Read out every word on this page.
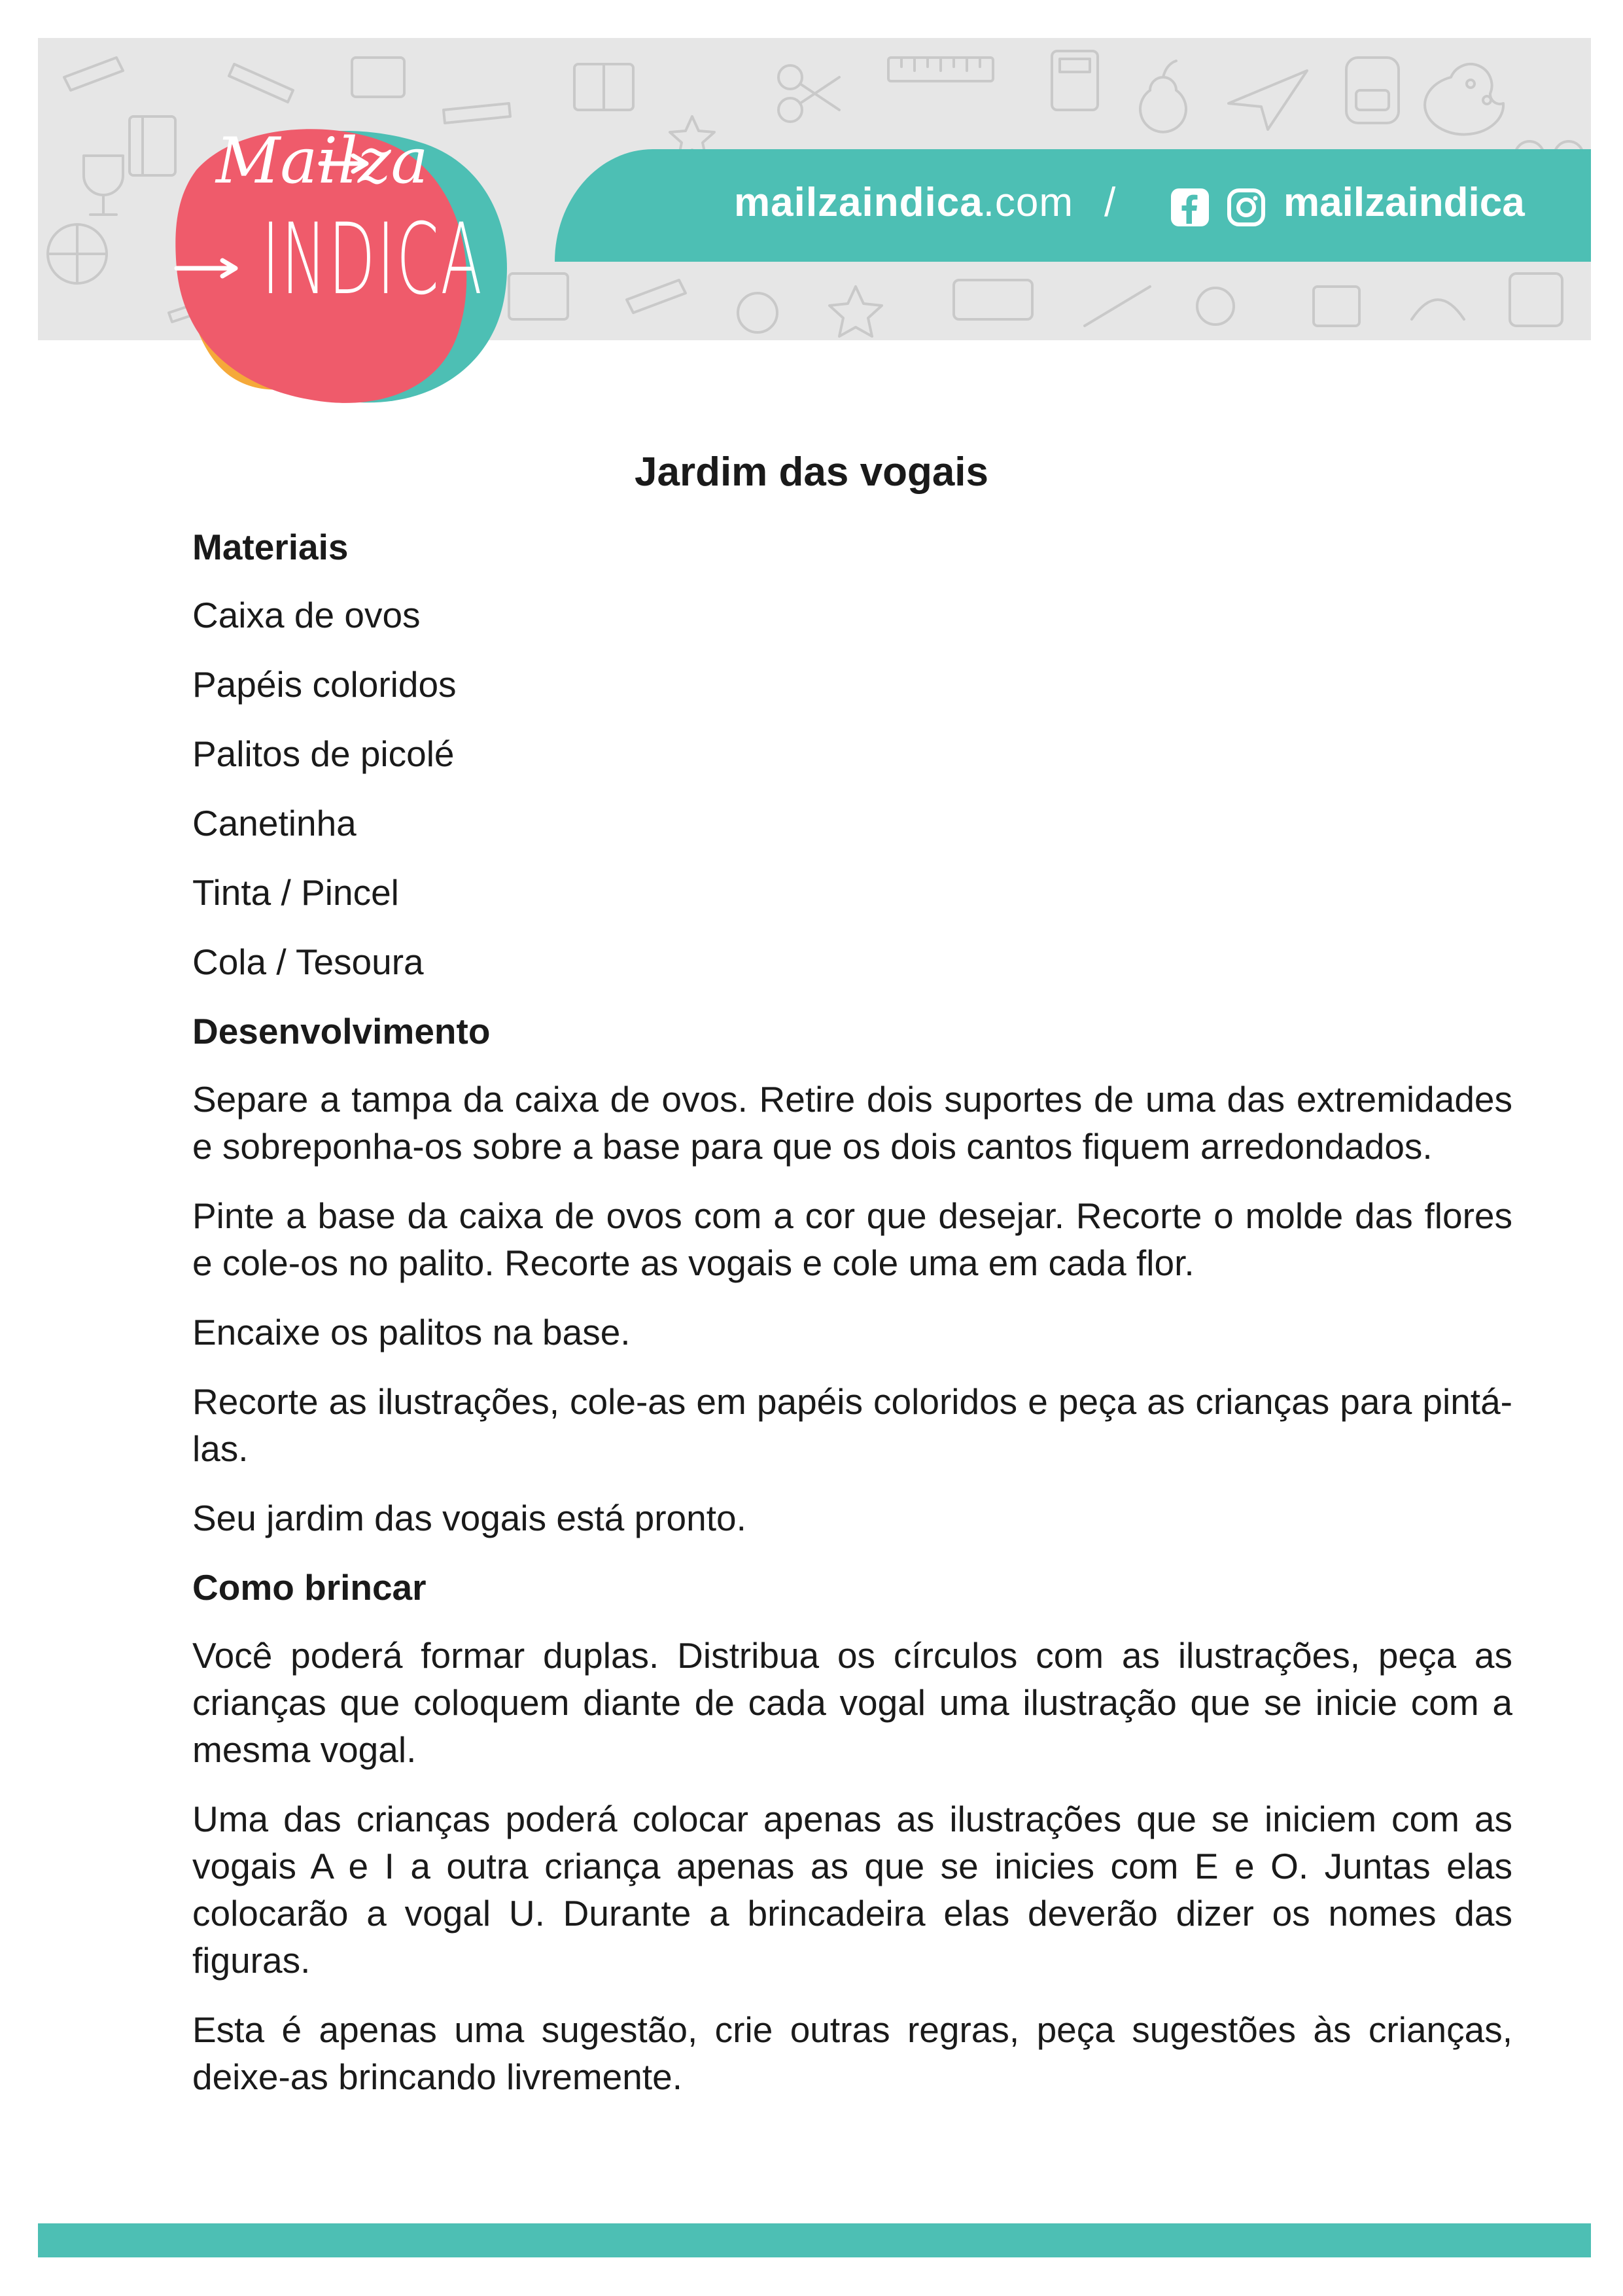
mailzaindica.com /	mailzaindica
Mailza
INDICA
Jardim das vogais
Materiais
Caixa de ovos
Papéis coloridos
Palitos de picolé
Canetinha
Tinta / Pincel
Cola / Tesoura
Desenvolvimento

Separe a tampa da caixa de ovos. Retire dois suportes de uma das extremidades e sobreponha-os sobre a base para que os dois cantos fiquem arredondados.

Pinte a base da caixa de ovos com a cor que desejar. Recorte o molde das flores e cole-os no palito. Recorte as vogais e cole uma em cada flor.

Encaixe os palitos na base.

Recorte as ilustrações, cole-as em papéis coloridos e peça as crianças para pintá-las.

Seu jardim das vogais está pronto.

Como brincar

Você poderá formar duplas. Distribua os círculos com as ilustrações, peça as crianças que coloquem diante de cada vogal uma ilustração que se inicie com a mesma vogal.

Uma das crianças poderá colocar apenas as ilustrações que se iniciem com as vogais A e I a outra criança apenas as que se inicies com E e O. Juntas elas colocarão a vogal U. Durante a brincadeira elas deverão dizer os nomes das figuras.

Esta é apenas uma sugestão, crie outras regras, peça sugestões às crianças, deixe-as brincando livremente.
